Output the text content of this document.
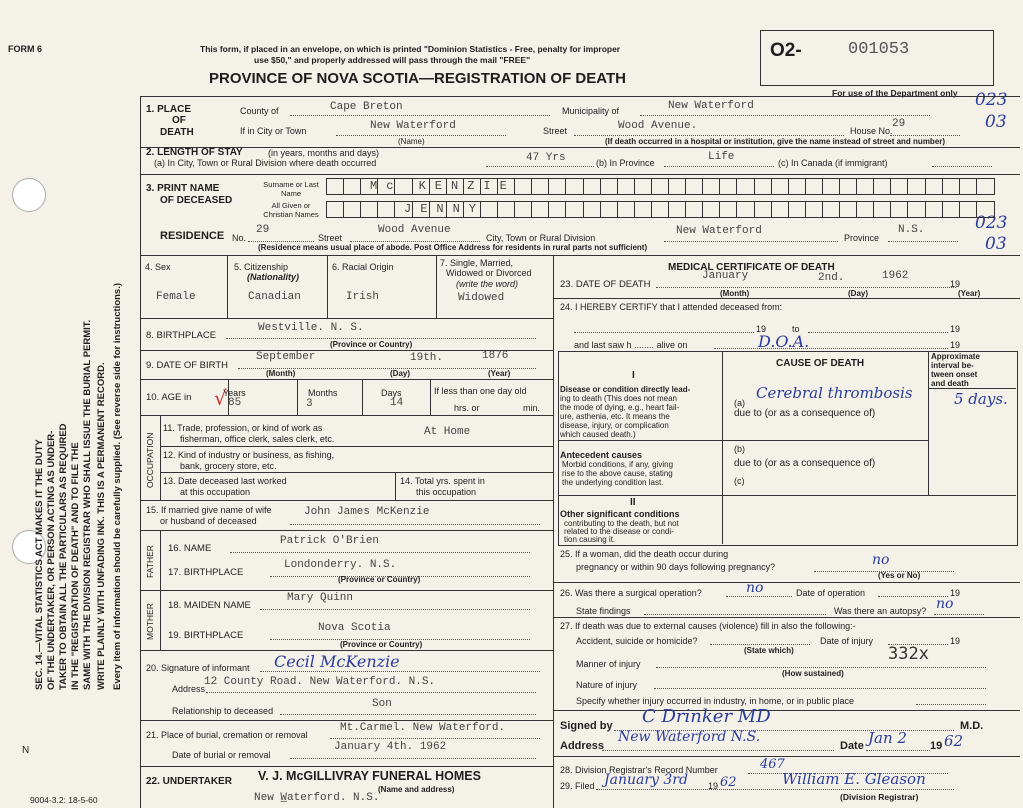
FORM 6	This form, if placed in an envelope, on which is printed "Dominion Statistics - Free, penalty for improper
use $50," and properly addressed will pass through the mail "FREE"
PROVINCE OF NOVA SCOTIA—REGISTRATION OF DEATH
O2-	001053
For use of the Department only 023
03
023
03
SEC. 14.—VITAL STATISTICS ACT MAKES IT THE DUTY OF THE UNDERTAKER, OR PERSON ACTING AS UNDER- TAKER TO OBTAIN ALL THE PARTICULARS AS REQUIRED IN THE "REGISTRATION OF DEATH" AND TO FILE THE SAME WITH THE DIVISION REGISTRAR WHO SHALL ISSUE THE BURIAL PERMIT. WRITE PLAINLY WITH UNFADING INK. THIS IS A PERMANENT RECORD. Every item of information should be carefully supplied. (See reverse side for instructions.)
N
9004-3.2: 18-5-60
1. PLACE
OF
DEATH
County of	Cape Breton	Municipality of	New Waterford
If in City or Town	New Waterford
(Name)
Street	Wood Avenue.	House No.
29
(If death occurred in a hospital or institution, give the name instead of street and number)
2. LENGTH OF STAY	(in years, months and days)
(a) In City, Town or Rural Division where death occurred	47 Yrs	(b) In Province	Life	(c) In Canada (if immigrant)
3. PRINT NAME
OF DECEASED
Surname or Last Name
All Given or Christian Names
Mc KENZIE
JENNY
RESIDENCE No.
29
Street
Wood Avenue
City, Town or Rural Division
New Waterford
Province
N.S.
(Residence means usual place of abode. Post Office Address for residents in rural parts not sufficient)
4. Sex
Female
5. Citizenship
(Nationality)
Canadian
6. Racial Origin
Irish
7. Single, Married,
Widowed or Divorced
(write the word)
Widowed
8. BIRTHPLACE
Westville. N. S.
(Province or Country)
9. DATE OF BIRTH
September	19th.	1876
(Month)	(Day)	(Year)
10. AGE in √
Years
85
Months
3
Days
14
If less than one day old
hrs. or	min.
OCCUPATION
11. Trade, profession, or kind of work as
fisherman, office clerk, sales clerk, etc.
At Home
12. Kind of industry or business, as fishing,
bank, grocery store, etc.
13. Date deceased last worked
at this occupation
14. Total yrs. spent in
this occupation
15. If married give name of wife
or husband of deceased
John James McKenzie
FATHER 16. NAME
Patrick O'Brien
17. BIRTHPLACE
Londonderry. N.S.
(Province or Country)
MOTHER 18. MAIDEN NAME
Mary Quinn
19. BIRTHPLACE
Nova Scotia
(Province or Country)
20. Signature of informant Cecil McKenzie
Address
12 County Road. New Waterford. N.S.
Relationship to deceased
Son
21. Place of burial, cremation or removal
Mt.Carmel. New Waterford.
Date of burial or removal
January 4th. 1962
22. UNDERTAKER V. J. McGILLIVRAY FUNERAL HOMES
(Name and address)
New W̲aterford. N.S.
MEDICAL CERTIFICATE OF DEATH
23. DATE OF DEATH
January	2nd.	1962
19
(Month)	(Day)	(Year)
24. I HEREBY CERTIFY that I attended deceased from:
19	to	19
and last saw h ........ alive on	D.O.A.	19
CAUSE OF DEATH
Approximate
interval be-
tween onset
and death
I
Disease or condition directly lead-
ing to death (This does not mean
the mode of dying, e.g., heart fail-
ure, asthenia, etc. It means the
disease, injury, or complication
which caused death.)
(a)
Cerebral thrombosis	5 days.
due to (or as a consequence of)
Antecedent causes
Morbid conditions, if any, giving
rise to the above cause, stating
the underlying condition last.
(b)
due to (or as a consequence of)
(c)
II
Other significant conditions
contributing to the death, but not
related to the disease or condi-
tion causing it.
25. If a woman, did the death occur during
pregnancy or within 90 days following pregnancy?	no
(Yes or No)
26. Was there a surgical operation?	no	Date of operation	19
State findings	Was there an autopsy? no
27. If death was due to external causes (violence) fill in also the following:-
Accident, suicide or homicide?	Date of injury	19
(State which)
Manner of injury	332x
(How sustained)
Nature of injury
Specify whether injury occurred in industry, in home, or in public place
Signed by C Drinker MD	M.D.
Address
New Waterford N.S.
Date Jan 2 19 62
28. Division Registrar's Record Number	467
29. Filed January 3rd 19 62	William E. Gleason
(Division Registrar)
